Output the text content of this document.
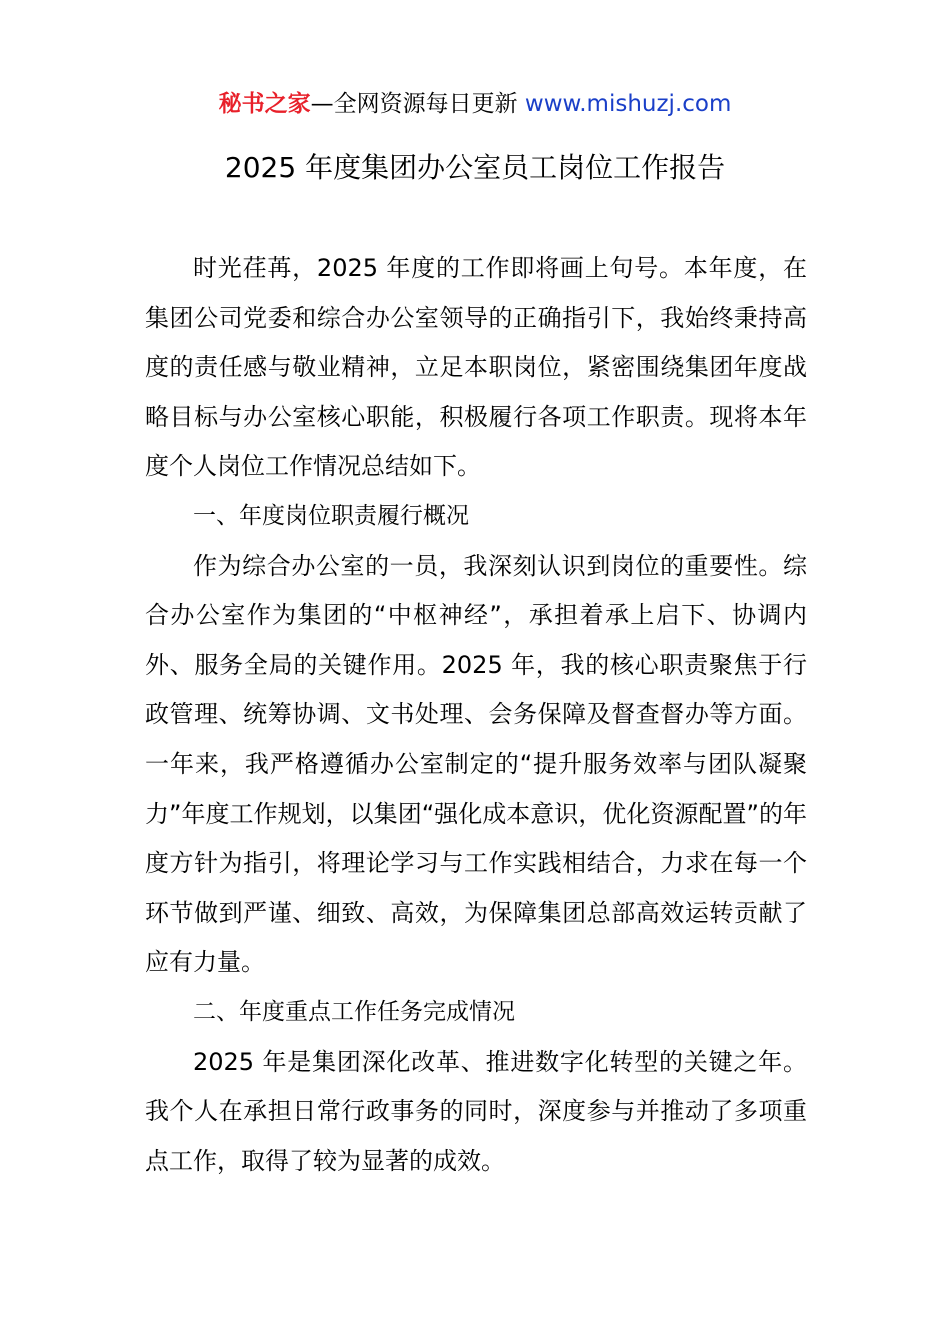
秘书之家—全网资源每日更新 www.mishuzj.com
2025 年度集团办公室员工岗位工作报告

时光荏苒，2025 年度的工作即将画上句号。本年度，在集团公司党委和综合办公室领导的正确指引下，我始终秉持高度的责任感与敬业精神，立足本职岗位，紧密围绕集团年度战略目标与办公室核心职能，积极履行各项工作职责。现将本年度个人岗位工作情况总结如下。

一、年度岗位职责履行概况

作为综合办公室的一员，我深刻认识到岗位的重要性。综合办公室作为集团的“中枢神经”，承担着承上启下、协调内外、服务全局的关键作用。2025 年，我的核心职责聚焦于行政管理、统筹协调、文书处理、会务保障及督查督办等方面。一年来，我严格遵循办公室制定的“提升服务效率与团队凝聚力”年度工作规划，以集团“强化成本意识，优化资源配置”的年度方针为指引，将理论学习与工作实践相结合，力求在每一个环节做到严谨、细致、高效，为保障集团总部高效运转贡献了应有力量。

二、年度重点工作任务完成情况

2025 年是集团深化改革、推进数字化转型的关键之年。我个人在承担日常行政事务的同时，深度参与并推动了多项重点工作，取得了较为显著的成效。
